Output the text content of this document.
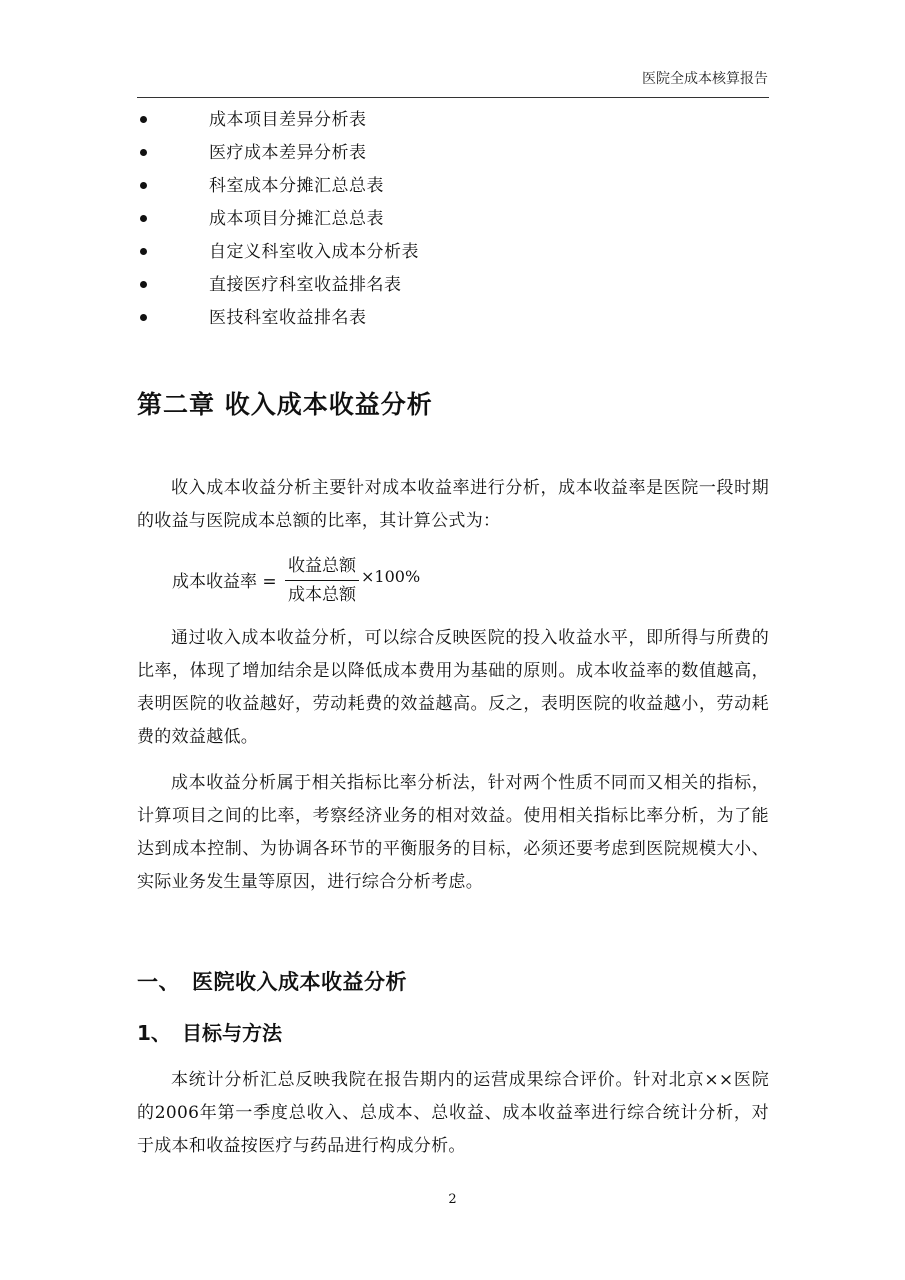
医院全成本核算报告
成本项目差异分析表
医疗成本差异分析表
科室成本分摊汇总总表
成本项目分摊汇总总表
自定义科室收入成本分析表
直接医疗科室收益排名表
医技科室收益排名表
第二章 收入成本收益分析

收入成本收益分析主要针对成本收益率进行分析，成本收益率是医院一段时期的收益与医院成本总额的比率，其计算公式为：

成本收益率 =
收益总额
成本总额
×100%

通过收入成本收益分析，可以综合反映医院的投入收益水平，即所得与所费的比率，体现了增加结余是以降低成本费用为基础的原则。成本收益率的数值越高，表明医院的收益越好，劳动耗费的效益越高。反之，表明医院的收益越小，劳动耗费的效益越低。

成本收益分析属于相关指标比率分析法，针对两个性质不同而又相关的指标，计算项目之间的比率，考察经济业务的相对效益。使用相关指标比率分析，为了能达到成本控制、为协调各环节的平衡服务的目标，必须还要考虑到医院规模大小、实际业务发生量等原因，进行综合分析考虑。

一、 医院收入成本收益分析
1、 目标与方法

本统计分析汇总反映我院在报告期内的运营成果综合评价。针对北京××医院的2006年第一季度总收入、总成本、总收益、成本收益率进行综合统计分析，对于成本和收益按医疗与药品进行构成分析。

2
